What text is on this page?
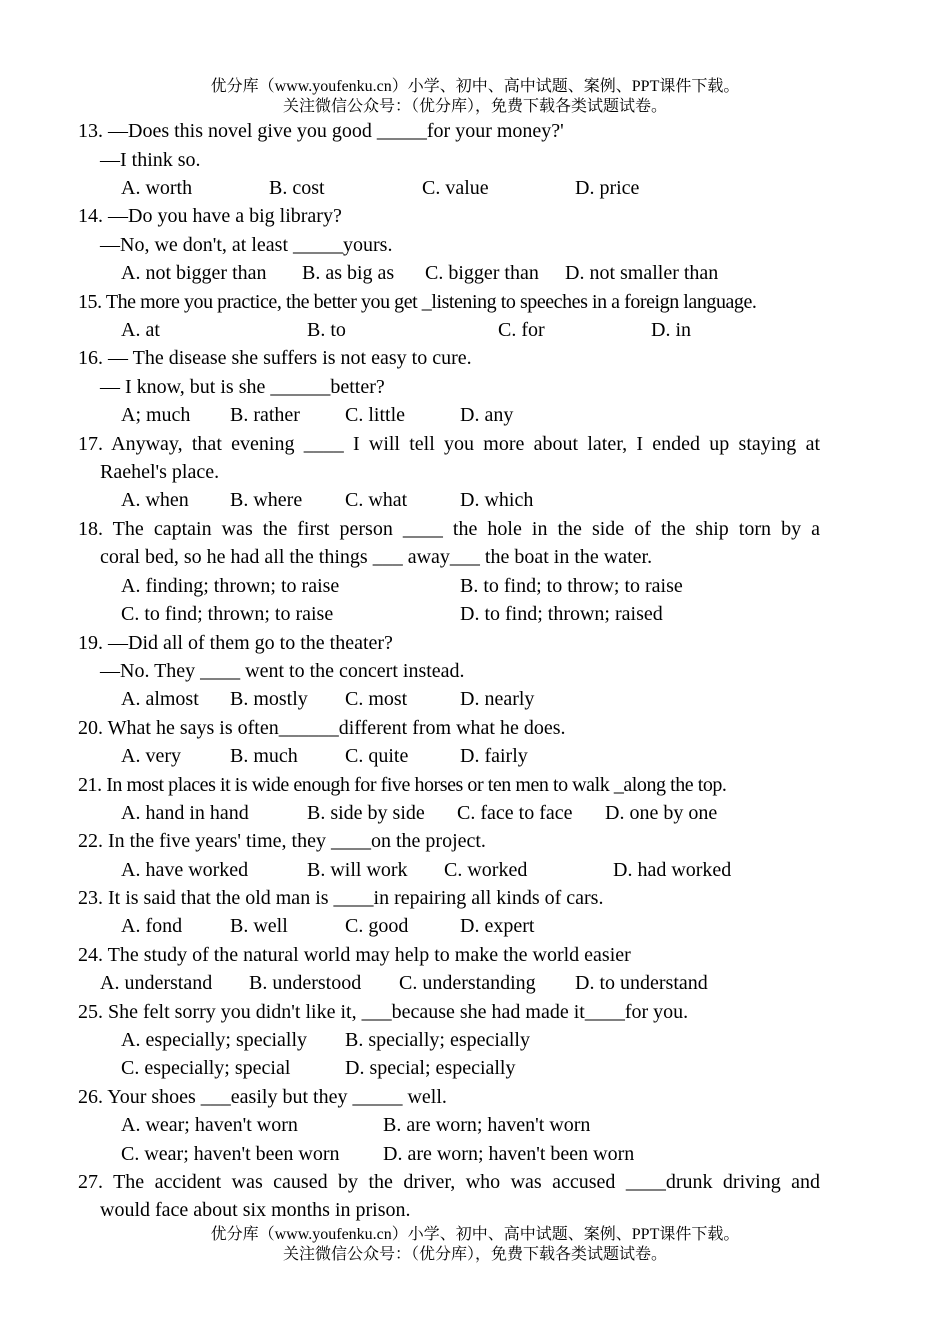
优分库（www.youfenku.cn）小学、初中、高中试题、案例、PPT课件下载。
关注微信公众号：（优分库），免费下载各类试题试卷。
13. —Does this novel give you good _____for your money?'
—I think so.
A. worth	B. cost	C. value	D. price
14. —Do you have a big library?
—No, we don't, at least _____yours.
A. not bigger than B. as big as C. bigger than D. not smaller than
15. The more you practice, the better you get _listening to speeches in a foreign language.
A. at	B. to	C. for	D. in
16. — The disease she suffers is not easy to cure.
— I know, but is she ______better?
A; much B. rather C. little	D. any
17. Anyway, that evening ____ I will tell you more about later, I ended up staying at
Raehel's place.
A. when B. where C. what	D. which
18. The captain was the first person ____ the hole in the side of the ship torn by a
coral bed, so he had all the things ___ away___ the boat in the water.
A. finding; thrown; to raise	B. to find; to throw; to raise
C. to find; thrown; to raise	D. to find; thrown; raised
19. —Did all of them go to the theater?
—No. They ____ went to the concert instead.
A. almost B. mostly C. most	D. nearly
20. What he says is often______different from what he does.
A. very B. much C. quite	D. fairly
21. In most places it is wide enough for five horses or ten men to walk _along the top.
A. hand in hand	B. side by side C. face to face D. one by one
22. In the five years' time, they ____on the project.
A. have worked	B. will work C. worked	D. had worked
23. It is said that the old man is ____in repairing all kinds of cars.
A. fond B. well	C. good	D. expert
24. The study of the natural world may help to make the world easier
A. understand B. understood C. understanding D. to understand
25. She felt sorry you didn't like it, ___because she had made it____for you.
A. especially; specially B. specially; especially
C. especially; special	D. special; especially
26. Your shoes ___easily but they _____ well.
A. wear; haven't worn	B. are worn; haven't worn
C. wear; haven't been worn D. are worn; haven't been worn
27. The accident was caused by the driver, who was accused ____drunk driving and
would face about six months in prison.
优分库（www.youfenku.cn）小学、初中、高中试题、案例、PPT课件下载。
关注微信公众号：（优分库），免费下载各类试题试卷。
